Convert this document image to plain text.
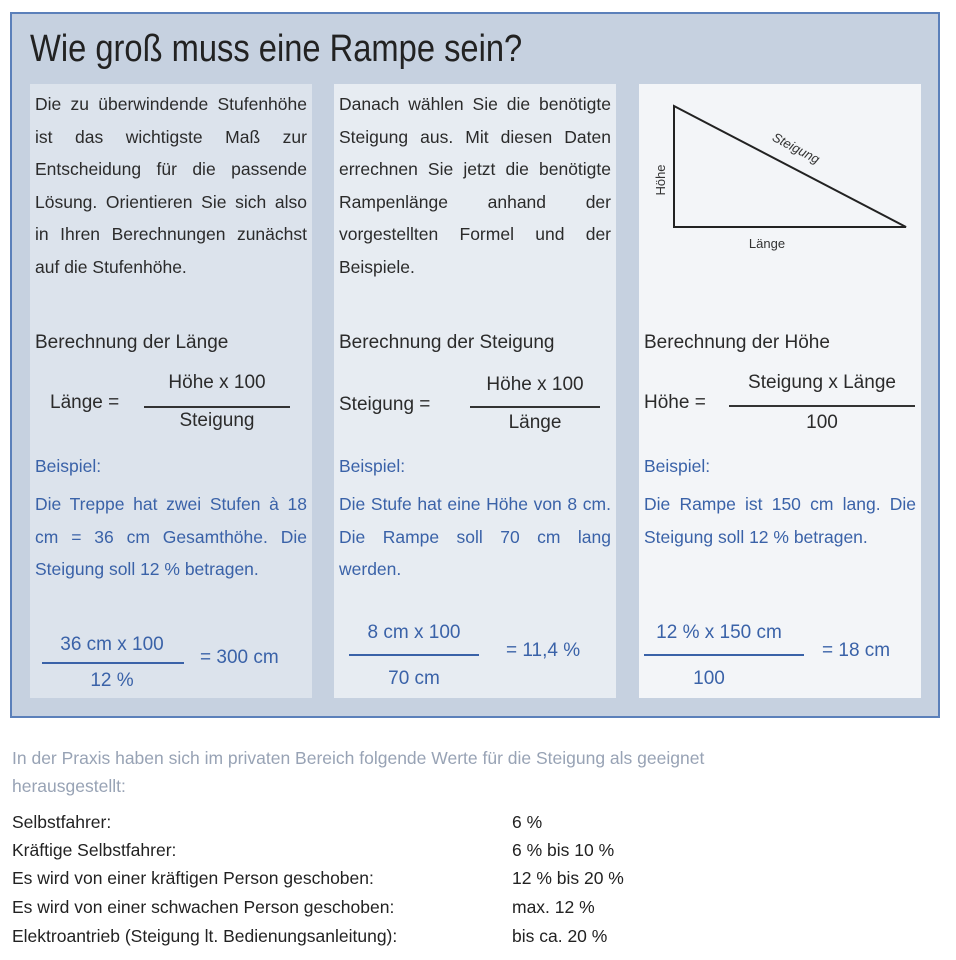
Wie groß muss eine Rampe sein?
Die zu überwindende Stufenhöhe ist das wichtigste Maß zur Entscheidung für die passende Lösung. Orientieren Sie sich also in Ihren Berechnungen zunächst auf die Stufenhöhe.
Berechnung der Länge
Länge =
Höhe x 100
Steigung
Beispiel:
Die Treppe hat zwei Stufen à 18 cm = 36 cm Gesamthöhe. Die Steigung soll 12 % betragen.
36 cm x 100
12 %
= 300 cm
Danach wählen Sie die benötigte Steigung aus. Mit diesen Daten errechnen Sie jetzt die benötigte Rampenlänge anhand der vorgestellten Formel und der Beispiele.
Berechnung der Steigung
Steigung =
Höhe x 100
Länge
Beispiel:
Die Stufe hat eine Höhe von 8 cm. Die Rampe soll 70 cm lang werden.
8 cm x 100
70 cm
= 11,4 %
Höhe
Steigung
Länge
Berechnung der Höhe
Höhe =
Steigung x Länge
100
Beispiel:
Die Rampe ist 150 cm lang. Die Steigung soll 12 % betragen.
12 % x 150 cm
100
= 18 cm
In der Praxis haben sich im privaten Bereich folgende Werte für die Steigung als geeignet herausgestellt:
Selbstfahrer:	6 %
Kräftige Selbstfahrer:	6 % bis 10 %
Es wird von einer kräftigen Person geschoben:	12 % bis 20 %
Es wird von einer schwachen Person geschoben:	max. 12 %
Elektroantrieb (Steigung lt. Bedienungsanleitung):	bis ca. 20 %
